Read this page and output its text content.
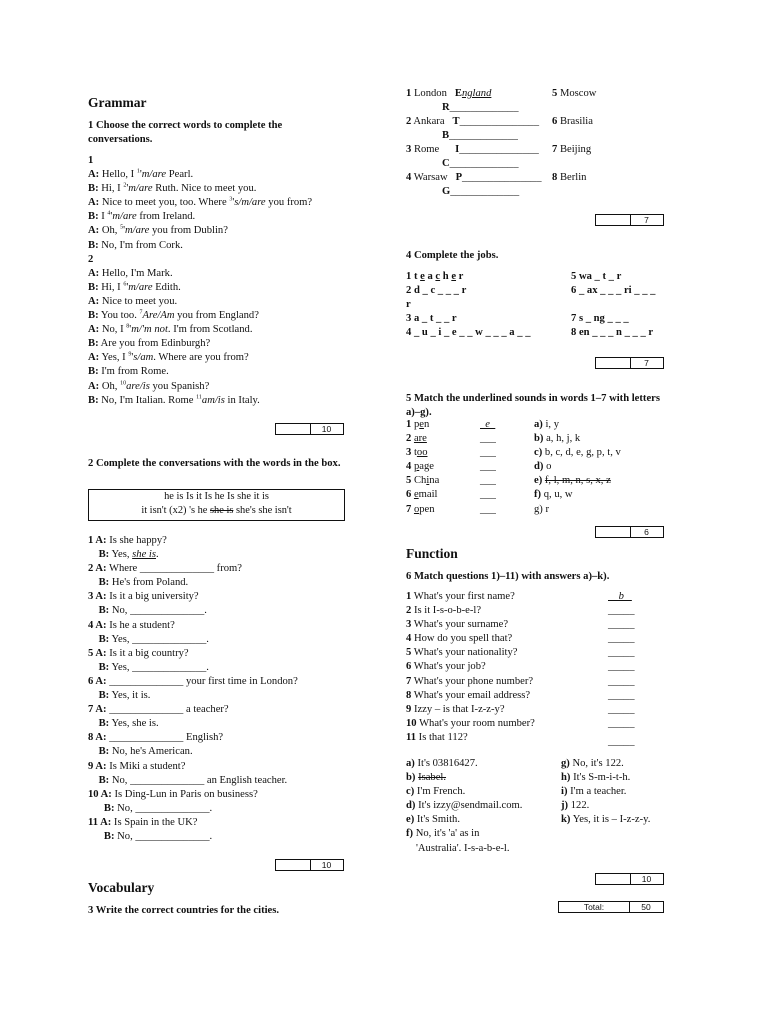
Grammar
1 Choose the correct words to complete the conversations.
1
A: Hello, I $^1$'m/are Pearl.
B: Hi, I $^2$'m/are Ruth. Nice to meet you.
A: Nice to meet you, too. Where $^3$'s/m/are you from?
B: I $^4$'m/are from Ireland.
A: Oh, $^5$'m/are you from Dublin?
B: No, I'm from Cork.
2
A: Hello, I'm Mark.
B: Hi, I $^6$'m/are Edith.
A: Nice to meet you.
B: You too. $^7$Are/Am you from England?
A: No, I $^8$'m/'m not. I'm from Scotland.
B: Are you from Edinburgh?
A: Yes, I $^9$'s/am. Where are you from?
B: I'm from Rome.
A: Oh, $^{10}$are/is you Spanish?
B: No, I'm Italian. Rome $^{11}$am/is in Italy.
10
2 Complete the conversations with the words in the box.
he is Is it Is he Is she it is
it isn't (x2) 's he she is she's she isn't
1 A: Is she happy?
B: Yes, she is.
2 A: Where ______________ from?
B: He's from Poland.
3 A: Is it a big university?
B: No, ______________.
4 A: Is he a student?
B: Yes, ______________.
5 A: Is it a big country?
B: Yes, ______________.
6 A: ______________ your first time in London?
B: Yes, it is.
7 A: ______________ a teacher?
B: Yes, she is.
8 A: ______________ English?
B: No, he's American.
9 A: Is Miki a student?
B: No, ______________ an English teacher.
10 A: Is Ding-Lun in Paris on business?
B: No, ______________.
11 A: Is Spain in the UK?
B: No, ______________.
10
Vocabulary
3 Write the correct countries for the cities.
1 London   England
R_____________
2 Ankara   T_______________
B_____________
3 Rome      I_______________
C_____________
4 Warsaw   P_______________
G_____________
5 Moscow
6 Brasilia
7 Beijing
8 Berlin
7
4 Complete the jobs.
1 t e a c h e r
2 d _ c _ _ _ r
r
3 a _ t _ _ r
4 _ u _ i _ e _ _ w _ _ _ a _ _
5 wa _ t _ r
6 _ ax _ _ _ ri _ _ _
7 s _ ng _ _ _
8 en _ _ _ n _ _ _ r
7
5 Match the underlined sounds in words 1–7 with letters a)–g).
1 pen	e
2 are	___
3 too	___
4 page	___
5 China	___
6 email	___
7 open	___
a) i, y
b) a, h, j, k
c) b, c, d, e, g, p, t, v
d) o
e) f, l, m, n, s, x, z
f) q, u, w
g) r
6
Function
6 Match questions 1)–11) with answers a)–k).
1 What's your first name?	b
2 Is it I-s-o-b-e-l?	_____
3 What's your surname?	_____
4 How do you spell that?	_____
5 What's your nationality?	_____
6 What's your job?	_____
7 What's your phone number?	_____
8 What's your email address?	_____
9 Izzy – is that I-z-z-y?	_____
10 What's your room number?	_____
11 Is that 112?	_____
a) It's 03816427.
b) Isabel.
c) I'm French.
d) It's izzy@sendmail.com.
e) It's Smith.
f) No, it's 'a' as in
'Australia'. I-s-a-b-e-l.
g) No, it's 122.
h) It's S-m-i-t-h.
i) I'm a teacher.
j) 122.
k) Yes, it is – I-z-z-y.
10
Total:	50
